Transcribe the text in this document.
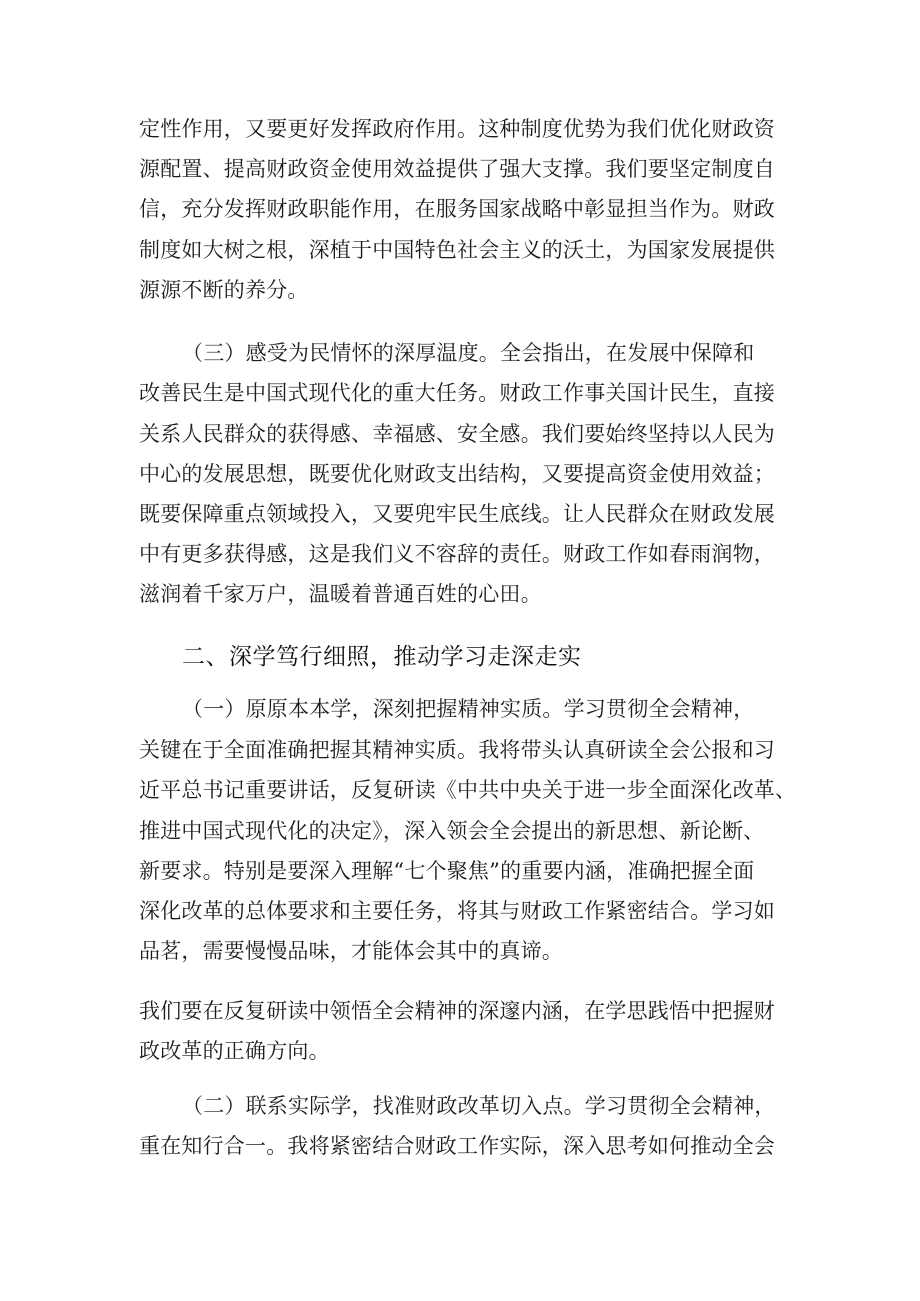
定性作用，又要更好发挥政府作用。这种制度优势为我们优化财政资
源配置、提高财政资金使用效益提供了强大支撑。我们要坚定制度自
信，充分发挥财政职能作用，在服务国家战略中彰显担当作为。财政
制度如大树之根，深植于中国特色社会主义的沃土，为国家发展提供
源源不断的养分。
（三）感受为民情怀的深厚温度。全会指出，在发展中保障和
改善民生是中国式现代化的重大任务。财政工作事关国计民生，直接
关系人民群众的获得感、幸福感、安全感。我们要始终坚持以人民为
中心的发展思想，既要优化财政支出结构，又要提高资金使用效益；
既要保障重点领域投入，又要兜牢民生底线。让人民群众在财政发展
中有更多获得感，这是我们义不容辞的责任。财政工作如春雨润物，
滋润着千家万户，温暖着普通百姓的心田。
二、深学笃行细照，推动学习走深走实
（一）原原本本学，深刻把握精神实质。学习贯彻全会精神，
关键在于全面准确把握其精神实质。我将带头认真研读全会公报和习
近平总书记重要讲话，反复研读《中共中央关于进一步全面深化改革、
推进中国式现代化的决定》，深入领会全会提出的新思想、新论断、
新要求。特别是要深入理解“七个聚焦”的重要内涵，准确把握全面
深化改革的总体要求和主要任务，将其与财政工作紧密结合。学习如
品茗，需要慢慢品味，才能体会其中的真谛。
我们要在反复研读中领悟全会精神的深邃内涵，在学思践悟中把握财
政改革的正确方向。
（二）联系实际学，找准财政改革切入点。学习贯彻全会精神，
重在知行合一。我将紧密结合财政工作实际，深入思考如何推动全会
